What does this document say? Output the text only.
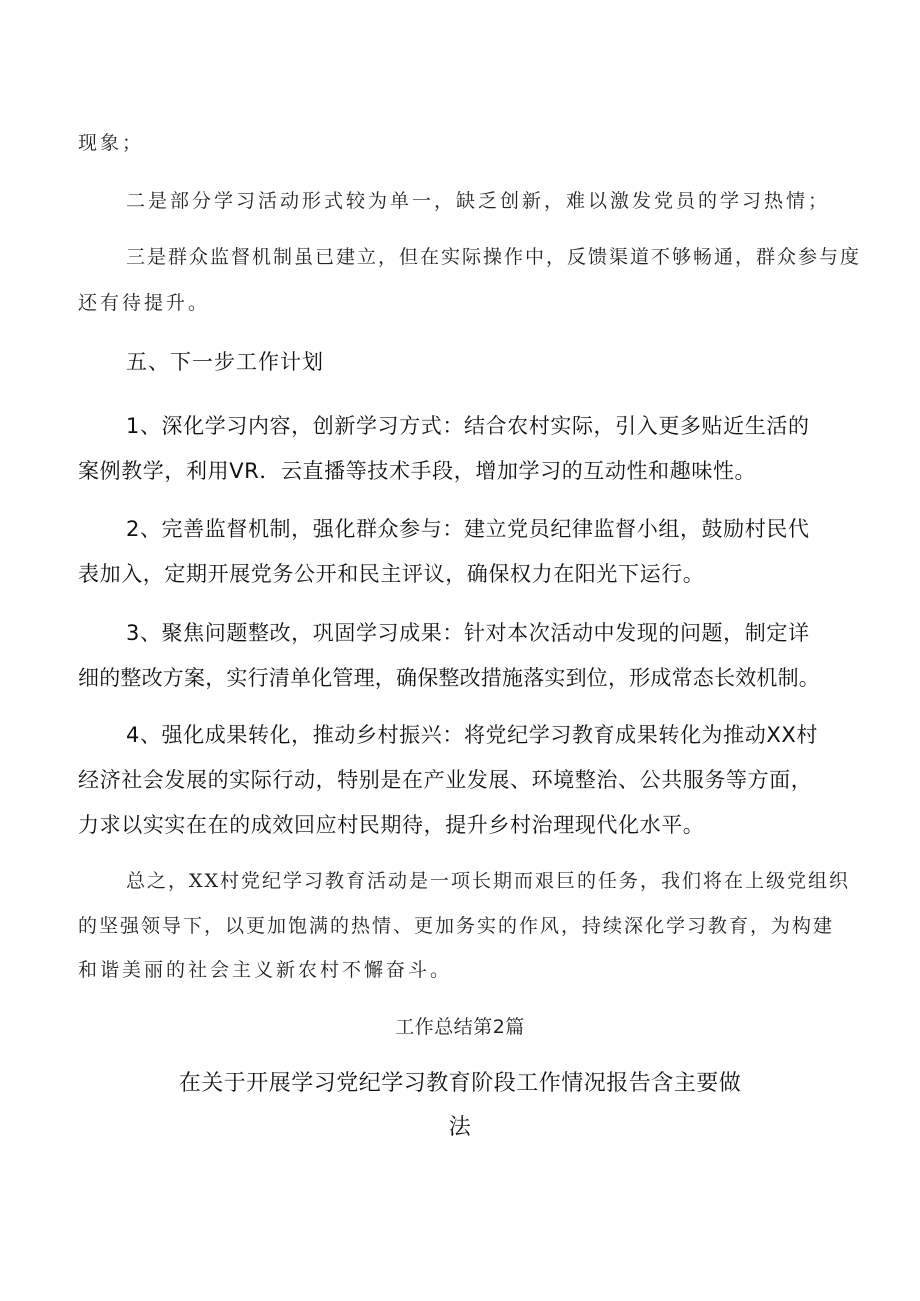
现象；

二是部分学习活动形式较为单一，缺乏创新，难以激发党员的学习热情；

三是群众监督机制虽已建立，但在实际操作中，反馈渠道不够畅通，群众参与度

还有待提升。

五、下一步工作计划

1、深化学习内容，创新学习方式：结合农村实际，引入更多贴近生活的

案例教学，利用VR．云直播等技术手段，增加学习的互动性和趣味性。

2、完善监督机制，强化群众参与：建立党员纪律监督小组，鼓励村民代

表加入，定期开展党务公开和民主评议，确保权力在阳光下运行。

3、聚焦问题整改，巩固学习成果：针对本次活动中发现的问题，制定详

细的整改方案，实行清单化管理，确保整改措施落实到位，形成常态长效机制。

4、强化成果转化，推动乡村振兴：将党纪学习教育成果转化为推动XX村

经济社会发展的实际行动，特别是在产业发展、环境整治、公共服务等方面，

力求以实实在在的成效回应村民期待，提升乡村治理现代化水平。

总之，XX村党纪学习教育活动是一项长期而艰巨的任务，我们将在上级党组织

的坚强领导下，以更加饱满的热情、更加务实的作风，持续深化学习教育，为构建

和谐美丽的社会主义新农村不懈奋斗。

工作总结第2篇

在关于开展学习党纪学习教育阶段工作情况报告含主要做
法
